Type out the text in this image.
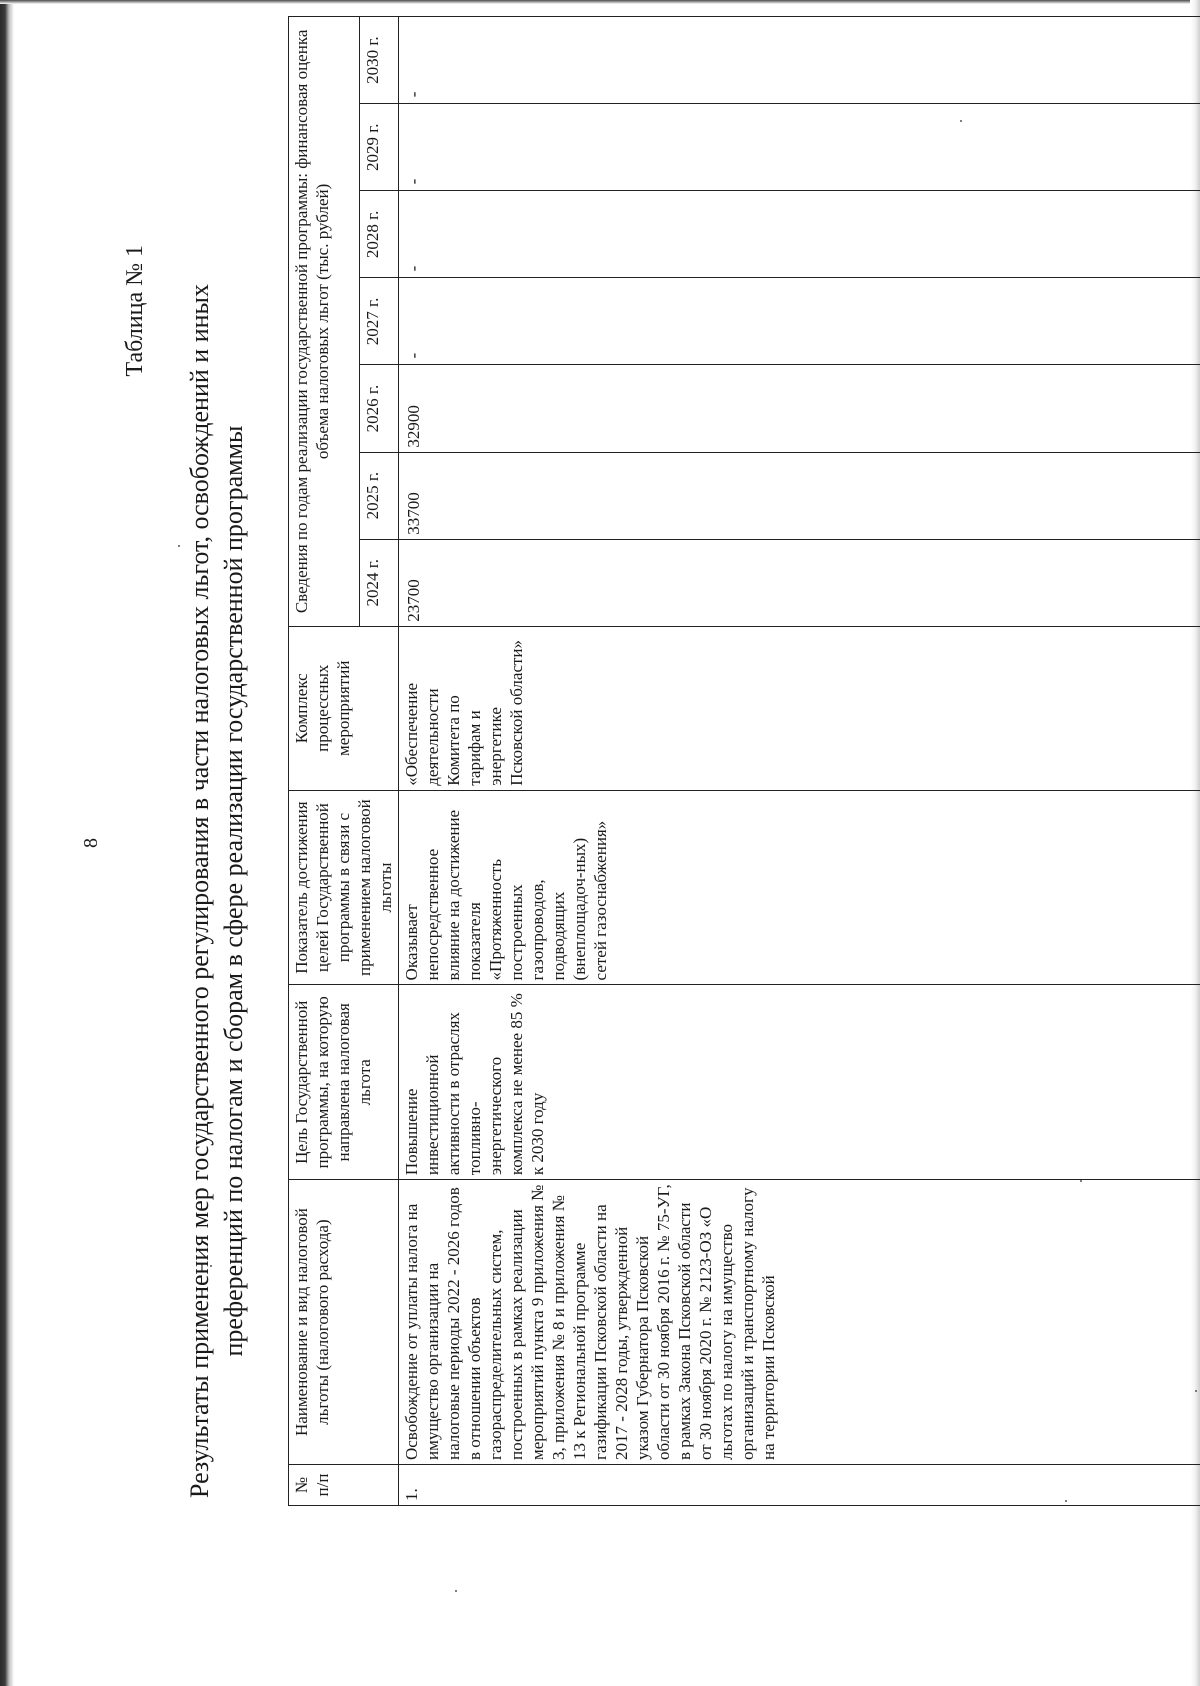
8
Таблица № 1 Результаты применения мер государственного регулирования в части налоговых льгот, освобождений и иных преференций по налогам и сборам в сфере реализации государственной программы
№ п/п	Наименование и вид налоговой льготы (налогового расхода)	Цель Государственной программы, на которую направлена налоговая льгота	Показатель достижения целей Государственной программы в связи с применением налоговой льготы	Комплекс процессных мероприятий	Сведения по годам реализации государственной программы: финансовая оценка объема налоговых льгот (тыс. рублей)						
					2024 г.	2025 г.	2026 г.	2027 г.	2028 г.	2029 г.	2030 г.
1.	Освобождение от уплаты налога на имущество организации на налоговые периоды 2022 - 2026 годов в отношении объектов газораспределительных систем, построенных в рамках реализации мероприятий пункта 9 приложения № 3, приложения № 8 и приложения № 13 к Региональной программе газификации Псковской области на 2017 - 2028 годы, утвержденной указом Губернатора Псковской области от 30 ноября 2016 г. № 75-УГ, в рамках Закона Псковской области от 30 ноября 2020 г. № 2123-ОЗ «О льготах по налогу на имущество организаций и транспортному налогу на территории Псковской	Повышение инвестиционной активности в отраслях топливно-энергетического комплекса не менее 85 % к 2030 году	Оказывает непосредственное влияние на достижение показателя «Протяженность построенных газопроводов, подводящих (внеплощадоч-ных) сетей газоснабжения»	«Обеспечение деятельности Комитета по тарифам и энергетике Псковской области»	23700	33700	32900	-	-	-	-
